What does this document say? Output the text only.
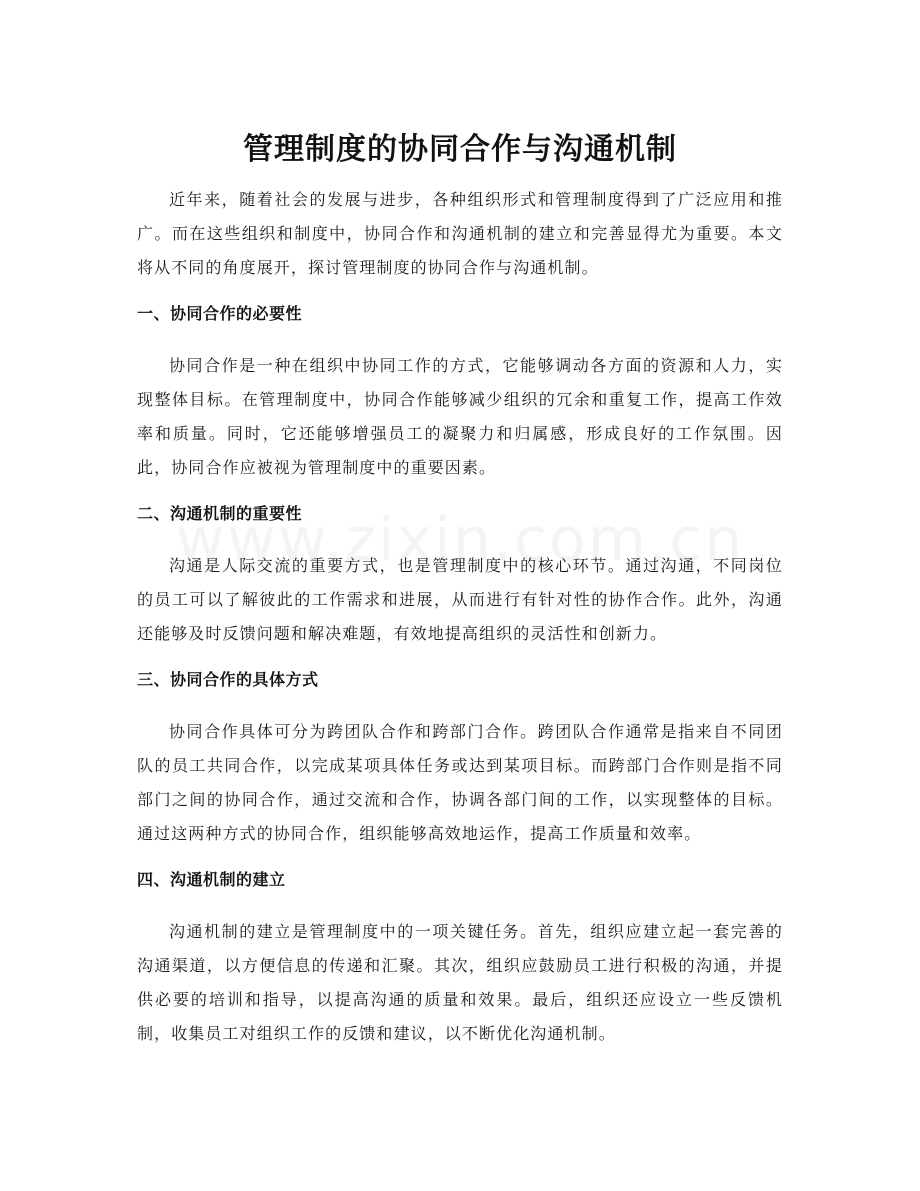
管理制度的协同合作与沟通机制

近年来，随着社会的发展与进步，各种组织形式和管理制度得到了广泛应用和推广。而在这些组织和制度中，协同合作和沟通机制的建立和完善显得尤为重要。本文将从不同的角度展开，探讨管理制度的协同合作与沟通机制。

一、协同合作的必要性

协同合作是一种在组织中协同工作的方式，它能够调动各方面的资源和人力，实现整体目标。在管理制度中，协同合作能够减少组织的冗余和重复工作，提高工作效率和质量。同时，它还能够增强员工的凝聚力和归属感，形成良好的工作氛围。因此，协同合作应被视为管理制度中的重要因素。

二、沟通机制的重要性

沟通是人际交流的重要方式，也是管理制度中的核心环节。通过沟通，不同岗位的员工可以了解彼此的工作需求和进展，从而进行有针对性的协作合作。此外，沟通还能够及时反馈问题和解决难题，有效地提高组织的灵活性和创新力。

三、协同合作的具体方式

协同合作具体可分为跨团队合作和跨部门合作。跨团队合作通常是指来自不同团队的员工共同合作，以完成某项具体任务或达到某项目标。而跨部门合作则是指不同部门之间的协同合作，通过交流和合作，协调各部门间的工作，以实现整体的目标。通过这两种方式的协同合作，组织能够高效地运作，提高工作质量和效率。

四、沟通机制的建立

沟通机制的建立是管理制度中的一项关键任务。首先，组织应建立起一套完善的沟通渠道，以方便信息的传递和汇聚。其次，组织应鼓励员工进行积极的沟通，并提供必要的培训和指导，以提高沟通的质量和效果。最后，组织还应设立一些反馈机制，收集员工对组织工作的反馈和建议，以不断优化沟通机制。
